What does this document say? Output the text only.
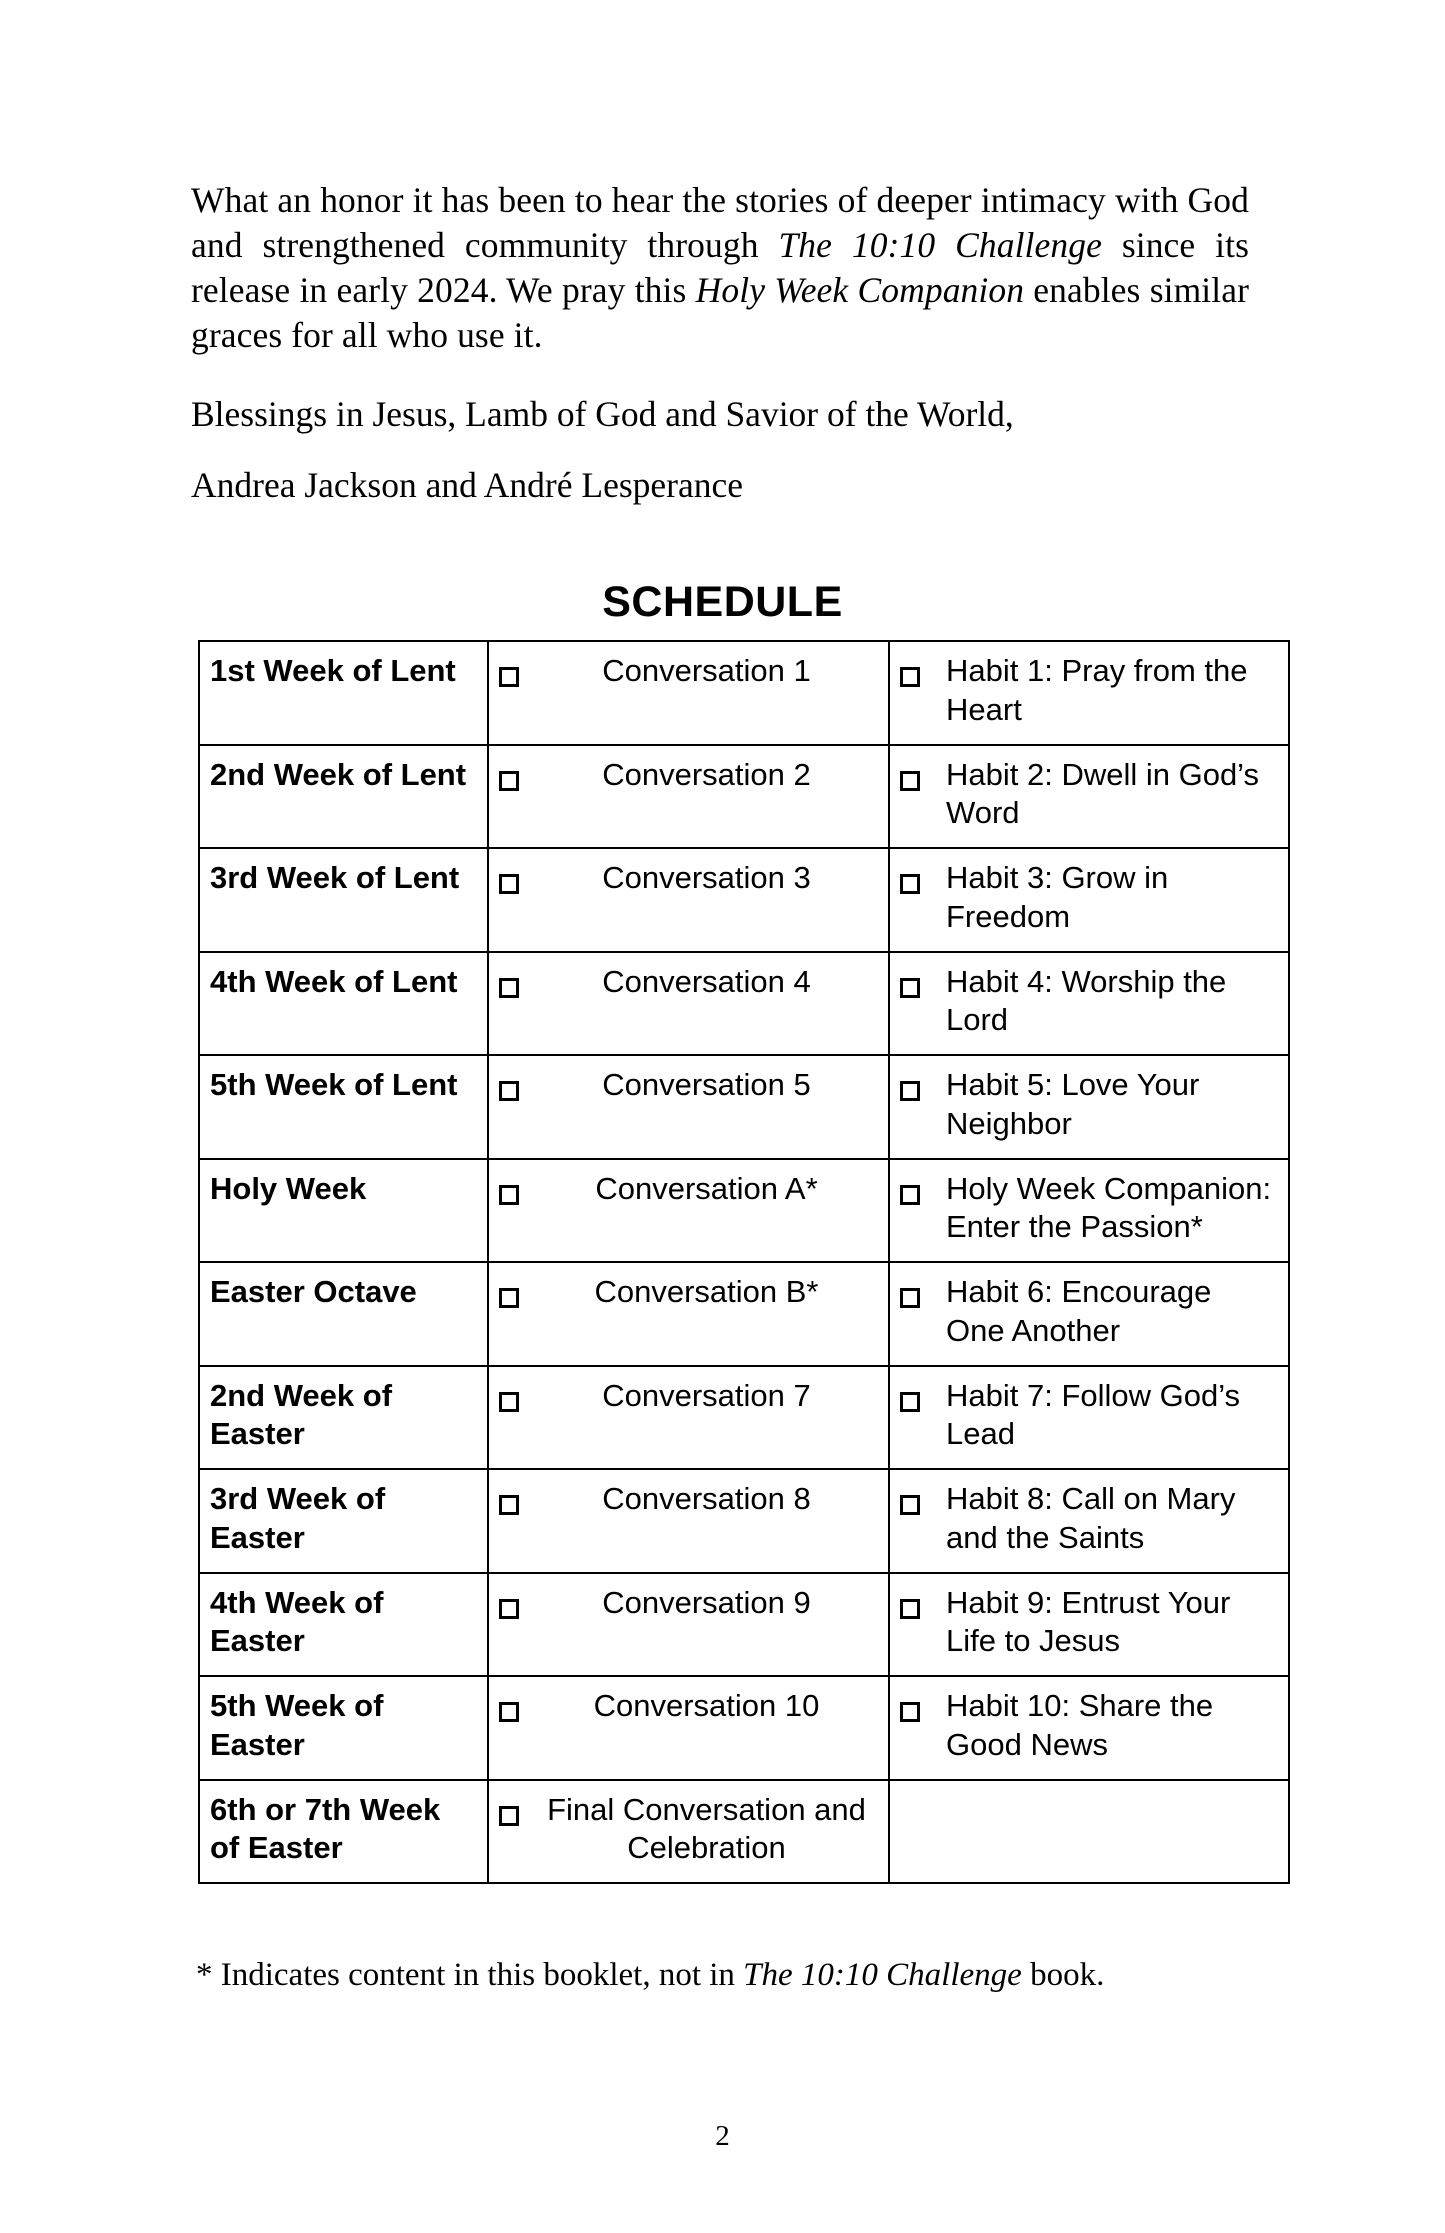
What an honor it has been to hear the stories of deeper intimacy with God and strengthened community through The 10:10 Challenge since its release in early 2024. We pray this Holy Week Companion enables similar graces for all who use it.

Blessings in Jesus, Lamb of God and Savior of the World,

Andrea Jackson and André Lesperance

SCHEDULE
1st Week of Lent	Conversation 1	Habit 1: Pray from the Heart

2nd Week of Lent	Conversation 2	Habit 2: Dwell in God’s Word

3rd Week of Lent	Conversation 3	Habit 3: Grow in Freedom

4th Week of Lent	Conversation 4	Habit 4: Worship the Lord

5th Week of Lent	Conversation 5	Habit 5: Love Your Neighbor

Holy Week	Conversation A*	Holy Week Companion: Enter the Passion*

Easter Octave	Conversation B*	Habit 6: Encourage One Another

2nd Week of Easter	Conversation 7	Habit 7: Follow God’s Lead

3rd Week of Easter	Conversation 8	Habit 8: Call on Mary and the Saints

4th Week of Easter	Conversation 9	Habit 9: Entrust Your Life to Jesus

5th Week of Easter	Conversation 10	Habit 10: Share the Good News

6th or 7th Week of Easter	Final Conversation and Celebration	

* Indicates content in this booklet, not in The 10:10 Challenge book.
2
